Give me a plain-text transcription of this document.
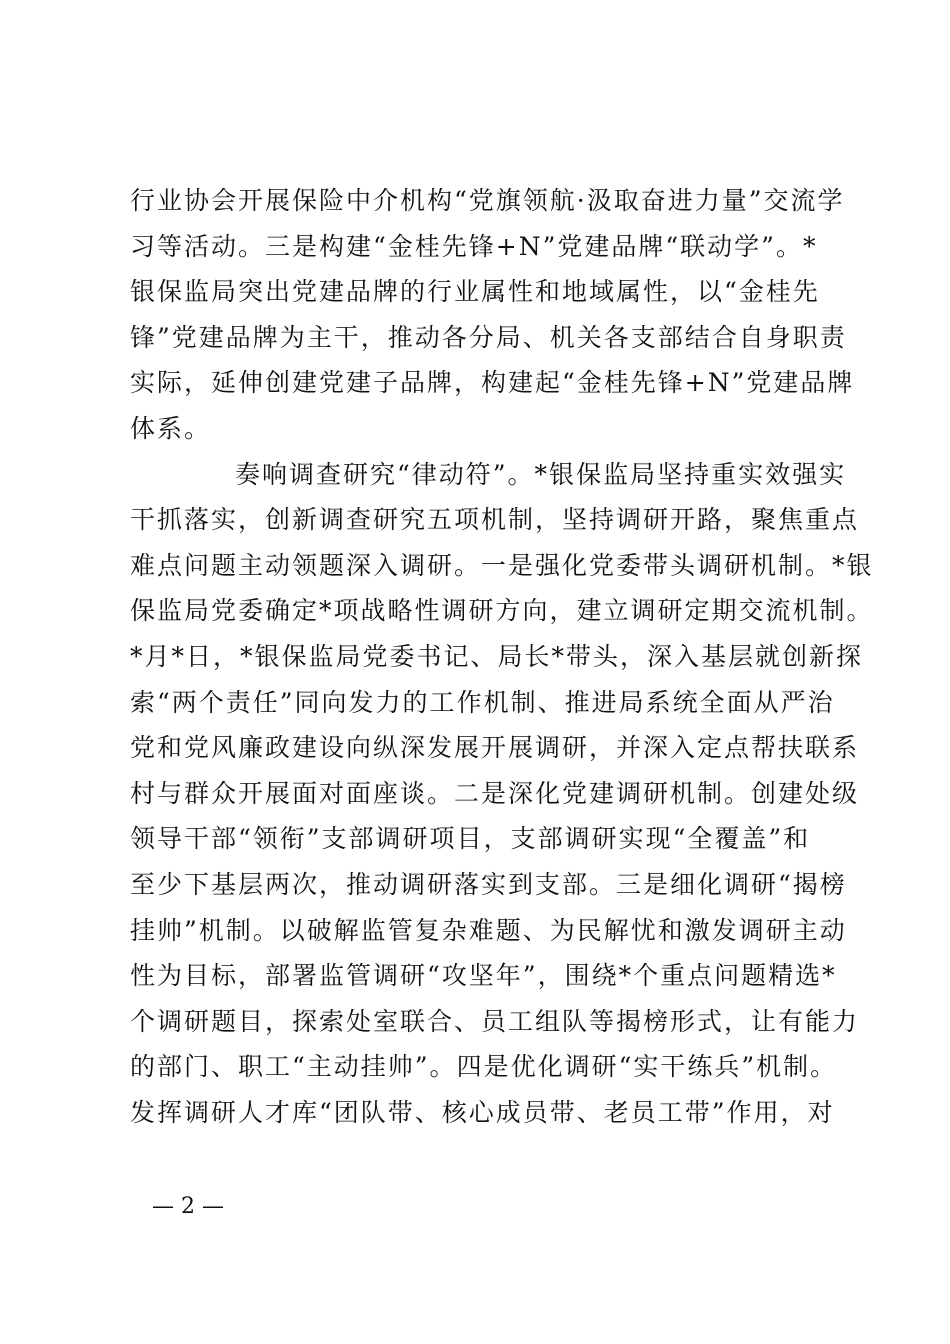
行业协会开展保险中介机构“党旗领航·汲取奋进力量”交流学
习等活动。三是构建“金桂先锋+N”党建品牌“联动学”。*
银保监局突出党建品牌的行业属性和地域属性，以“金桂先
锋”党建品牌为主干，推动各分局、机关各支部结合自身职责
实际，延伸创建党建子品牌，构建起“金桂先锋+N”党建品牌
体系。
奏响调查研究“律动符”。*银保监局坚持重实效强实
干抓落实，创新调查研究五项机制，坚持调研开路，聚焦重点
难点问题主动领题深入调研。一是强化党委带头调研机制。*银
保监局党委确定*项战略性调研方向，建立调研定期交流机制。
*月*日，*银保监局党委书记、局长*带头，深入基层就创新探
索“两个责任”同向发力的工作机制、推进局系统全面从严治
党和党风廉政建设向纵深发展开展调研，并深入定点帮扶联系
村与群众开展面对面座谈。二是深化党建调研机制。创建处级
领导干部“领衔”支部调研项目，支部调研实现“全覆盖”和
至少下基层两次，推动调研落实到支部。三是细化调研“揭榜
挂帅”机制。以破解监管复杂难题、为民解忧和激发调研主动
性为目标，部署监管调研“攻坚年”，围绕*个重点问题精选*
个调研题目，探索处室联合、员工组队等揭榜形式，让有能力
的部门、职工“主动挂帅”。四是优化调研“实干练兵”机制。
发挥调研人才库“团队带、核心成员带、老员工带”作用，对
— 2 —
